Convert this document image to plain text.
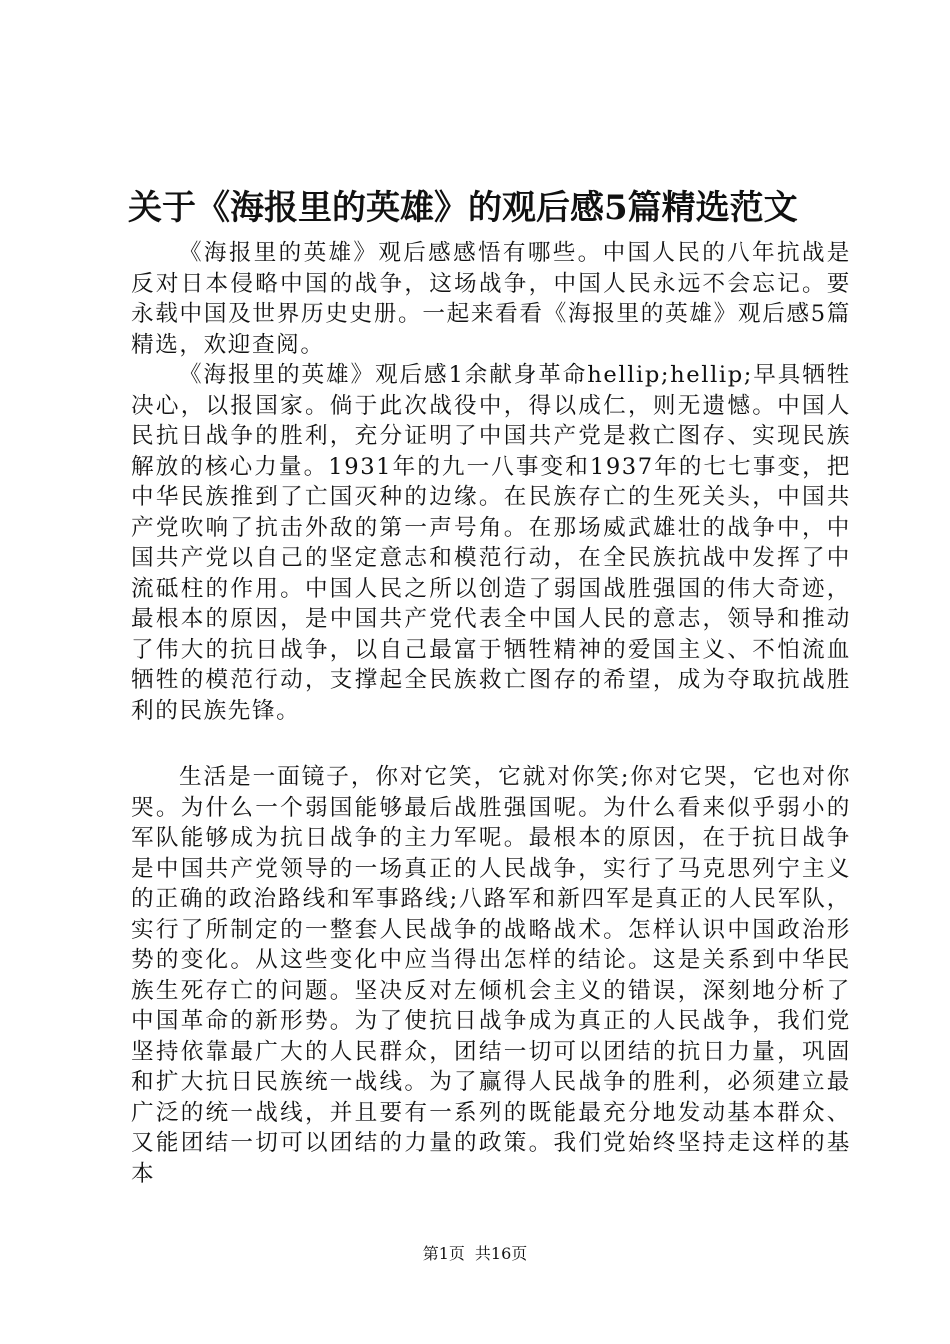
关于《海报里的英雄》的观后感5篇精选范文

《海报里的英雄》观后感感悟有哪些。中国人民的八年抗战是反对日本侵略中国的战争，这场战争，中国人民永远不会忘记。要永载中国及世界历史史册。一起来看看《海报里的英雄》观后感5篇精选，欢迎查阅。

《海报里的英雄》观后感1余献身革命hellip;hellip;早具牺牲决心，以报国家。倘于此次战役中，得以成仁，则无遗憾。中国人民抗日战争的胜利，充分证明了中国共产党是救亡图存、实现民族解放的核心力量。1931年的九一八事变和1937年的七七事变，把中华民族推到了亡国灭种的边缘。在民族存亡的生死关头，中国共产党吹响了抗击外敌的第一声号角。在那场威武雄壮的战争中，中国共产党以自己的坚定意志和模范行动，在全民族抗战中发挥了中流砥柱的作用。中国人民之所以创造了弱国战胜强国的伟大奇迹，最根本的原因，是中国共产党代表全中国人民的意志，领导和推动了伟大的抗日战争，以自己最富于牺牲精神的爱国主义、不怕流血牺牲的模范行动，支撑起全民族救亡图存的希望，成为夺取抗战胜利的民族先锋。

生活是一面镜子，你对它笑，它就对你笑;你对它哭，它也对你哭。为什么一个弱国能够最后战胜强国呢。为什么看来似乎弱小的军队能够成为抗日战争的主力军呢。最根本的原因，在于抗日战争是中国共产党领导的一场真正的人民战争，实行了马克思列宁主义的正确的政治路线和军事路线;八路军和新四军是真正的人民军队，实行了所制定的一整套人民战争的战略战术。怎样认识中国政治形势的变化。从这些变化中应当得出怎样的结论。这是关系到中华民族生死存亡的问题。坚决反对左倾机会主义的错误，深刻地分析了中国革命的新形势。为了使抗日战争成为真正的人民战争，我们党坚持依靠最广大的人民群众，团结一切可以团结的抗日力量，巩固和扩大抗日民族统一战线。为了赢得人民战争的胜利，必须建立最广泛的统一战线，并且要有一系列的既能最充分地发动基本群众、又能团结一切可以团结的力量的政策。我们党始终坚持走这样的基本

第1页 共16页
